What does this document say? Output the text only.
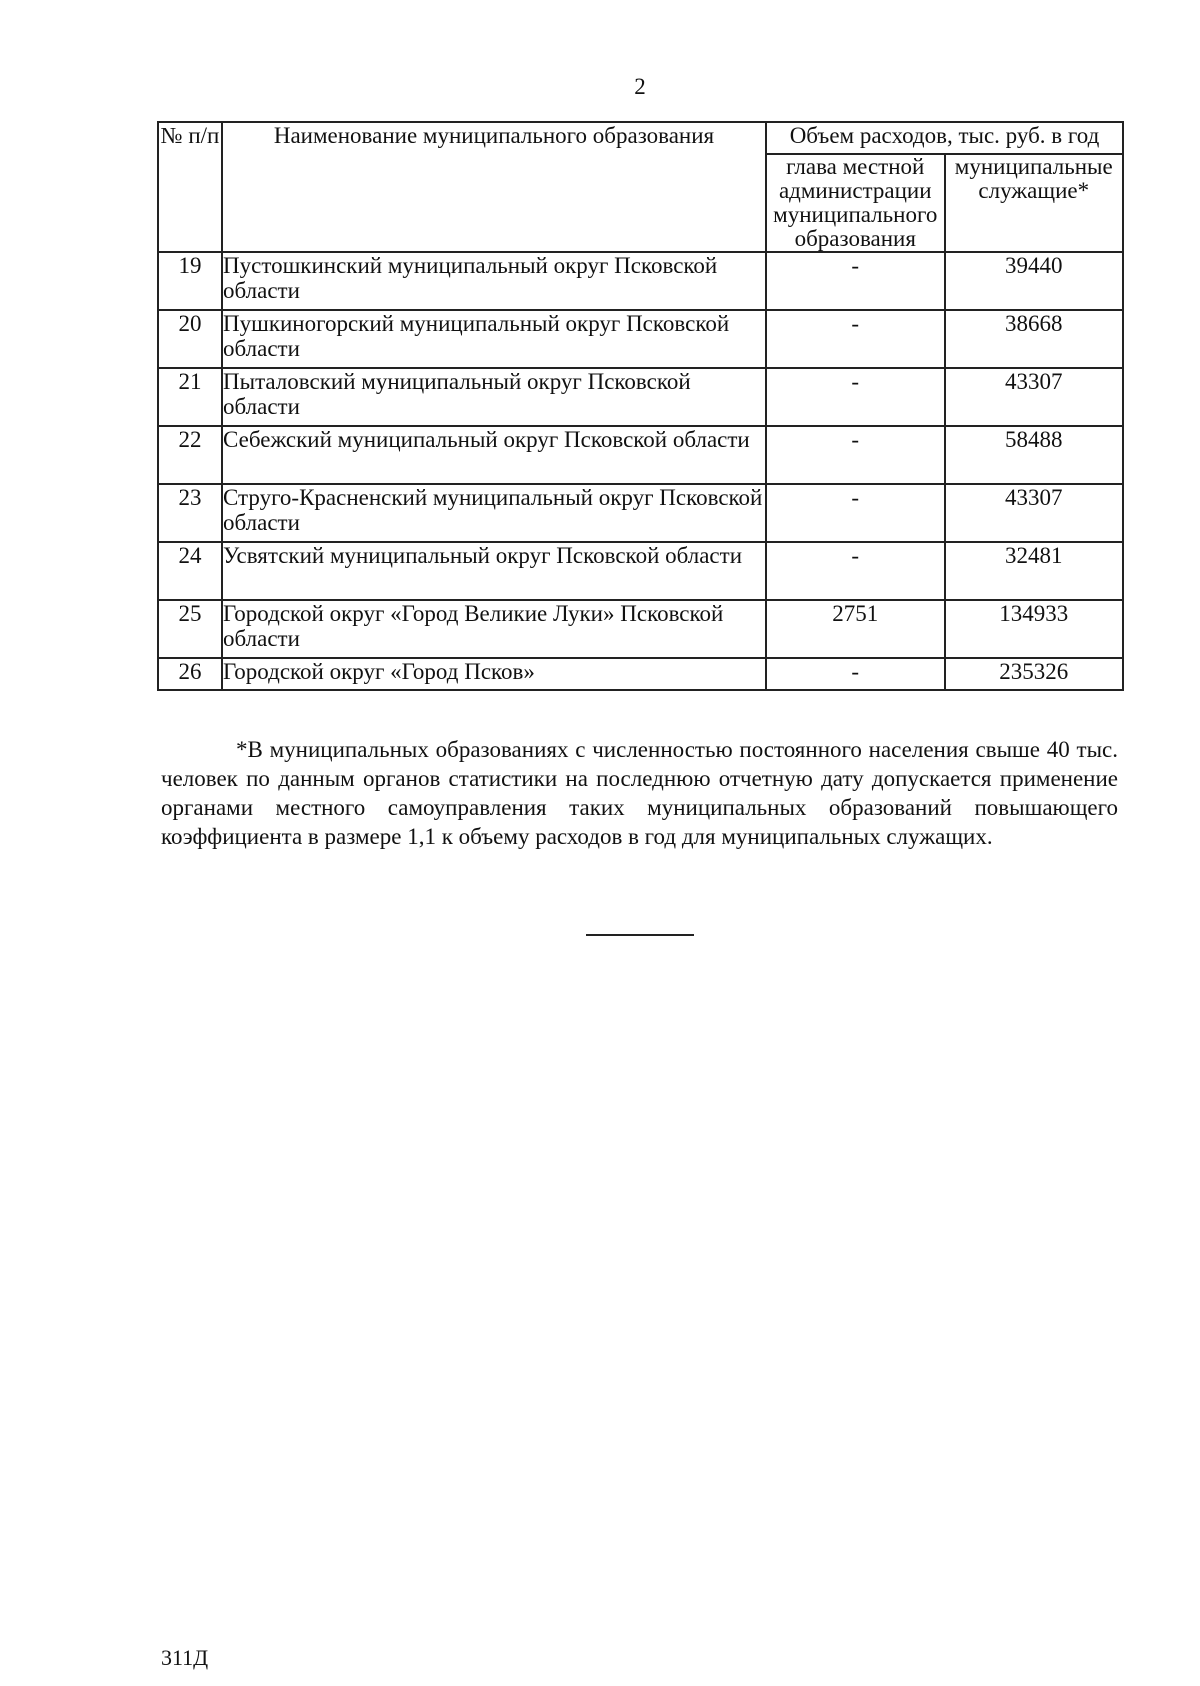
2
№ п/п	Наименование муниципального образования	Объем расходов, тыс. руб. в год	
		глава местной администрации муниципального образования	муниципальные служащие*
19	Пустошкинский муниципальный округ Псковской области	-	39440
20	Пушкиногорский муниципальный округ Псковской области	-	38668
21	Пыталовский муниципальный округ Псковской области	-	43307
22	Себежский муниципальный округ Псковской области	-	58488
23	Струго-Красненский муниципальный округ Псковской области	-	43307
24	Усвятский муниципальный округ Псковской области	-	32481
25	Городской округ «Город Великие Луки» Псковской области	2751	134933
26	Городской округ «Город Псков»	-	235326

*В муниципальных образованиях с численностью постоянного населения свыше 40 тыс. человек по данным органов статистики на последнюю отчетную дату допускается применение органами местного самоуправления таких муниципальных образований повышающего коэффициента в размере 1,1 к объему расходов в год для муниципальных служащих.

311Д
